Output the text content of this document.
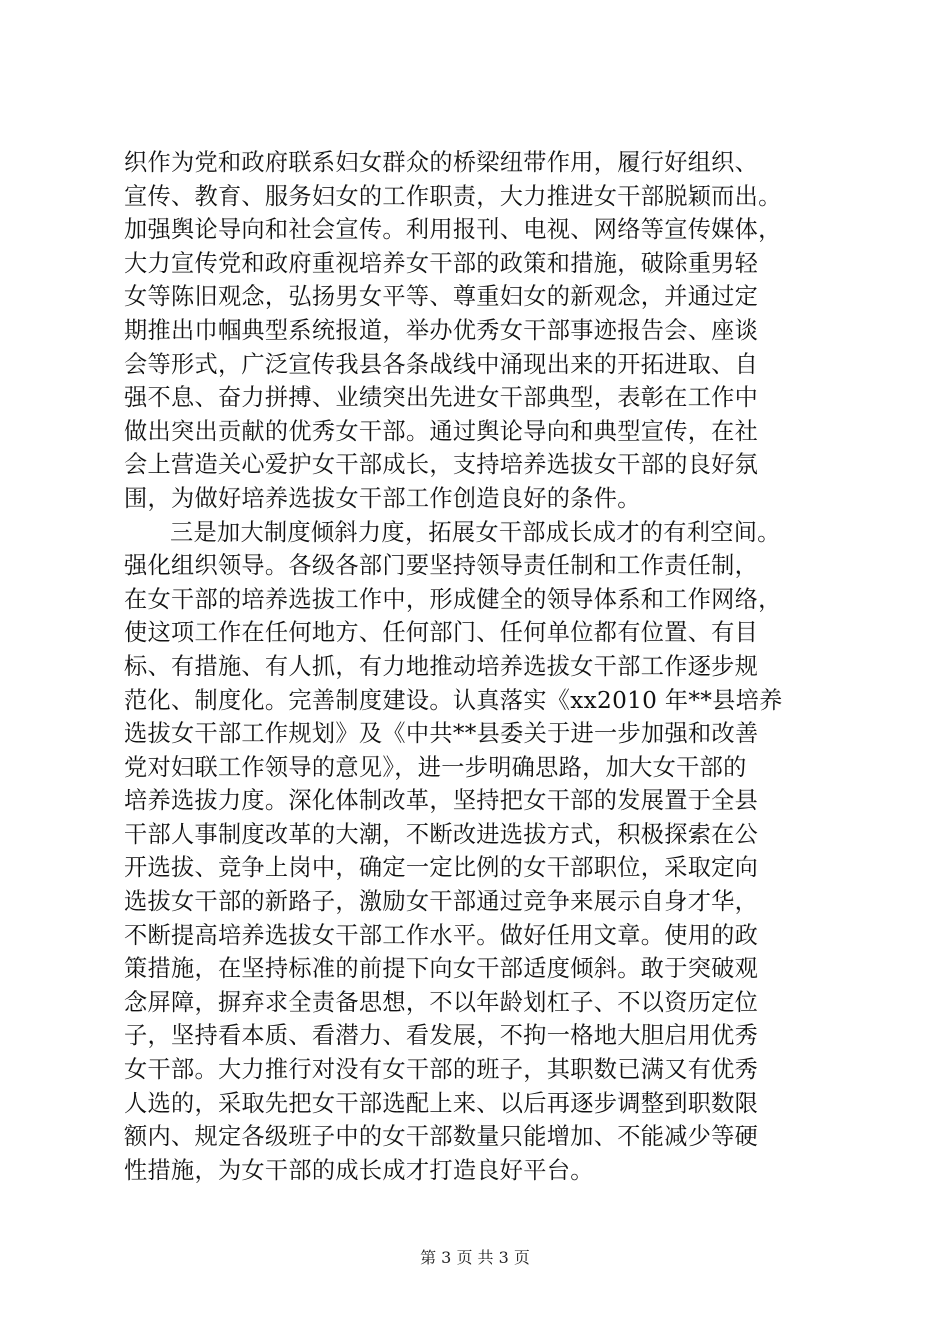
织作为党和政府联系妇女群众的桥梁纽带作用，履行好组织、
宣传、教育、服务妇女的工作职责，大力推进女干部脱颖而出。
加强舆论导向和社会宣传。利用报刊、电视、网络等宣传媒体，
大力宣传党和政府重视培养女干部的政策和措施，破除重男轻
女等陈旧观念，弘扬男女平等、尊重妇女的新观念，并通过定
期推出巾帼典型系统报道，举办优秀女干部事迹报告会、座谈
会等形式，广泛宣传我县各条战线中涌现出来的开拓进取、自
强不息、奋力拼搏、业绩突出先进女干部典型，表彰在工作中
做出突出贡献的优秀女干部。通过舆论导向和典型宣传，在社
会上营造关心爱护女干部成长，支持培养选拔女干部的良好氛
围，为做好培养选拔女干部工作创造良好的条件。
三是加大制度倾斜力度，拓展女干部成长成才的有利空间。
强化组织领导。各级各部门要坚持领导责任制和工作责任制，
在女干部的培养选拔工作中，形成健全的领导体系和工作网络，
使这项工作在任何地方、任何部门、任何单位都有位置、有目
标、有措施、有人抓，有力地推动培养选拔女干部工作逐步规
范化、制度化。完善制度建设。认真落实《xx2010 年**县培养
选拔女干部工作规划》及《中共**县委关于进一步加强和改善
党对妇联工作领导的意见》，进一步明确思路，加大女干部的
培养选拔力度。深化体制改革，坚持把女干部的发展置于全县
干部人事制度改革的大潮，不断改进选拔方式，积极探索在公
开选拔、竞争上岗中，确定一定比例的女干部职位，采取定向
选拔女干部的新路子，激励女干部通过竞争来展示自身才华，
不断提高培养选拔女干部工作水平。做好任用文章。使用的政
策措施，在坚持标准的前提下向女干部适度倾斜。敢于突破观
念屏障，摒弃求全责备思想，不以年龄划杠子、不以资历定位
子，坚持看本质、看潜力、看发展，不拘一格地大胆启用优秀
女干部。大力推行对没有女干部的班子，其职数已满又有优秀
人选的，采取先把女干部选配上来、以后再逐步调整到职数限
额内、规定各级班子中的女干部数量只能增加、不能减少等硬
性措施，为女干部的成长成才打造良好平台。
第 3 页 共 3 页
